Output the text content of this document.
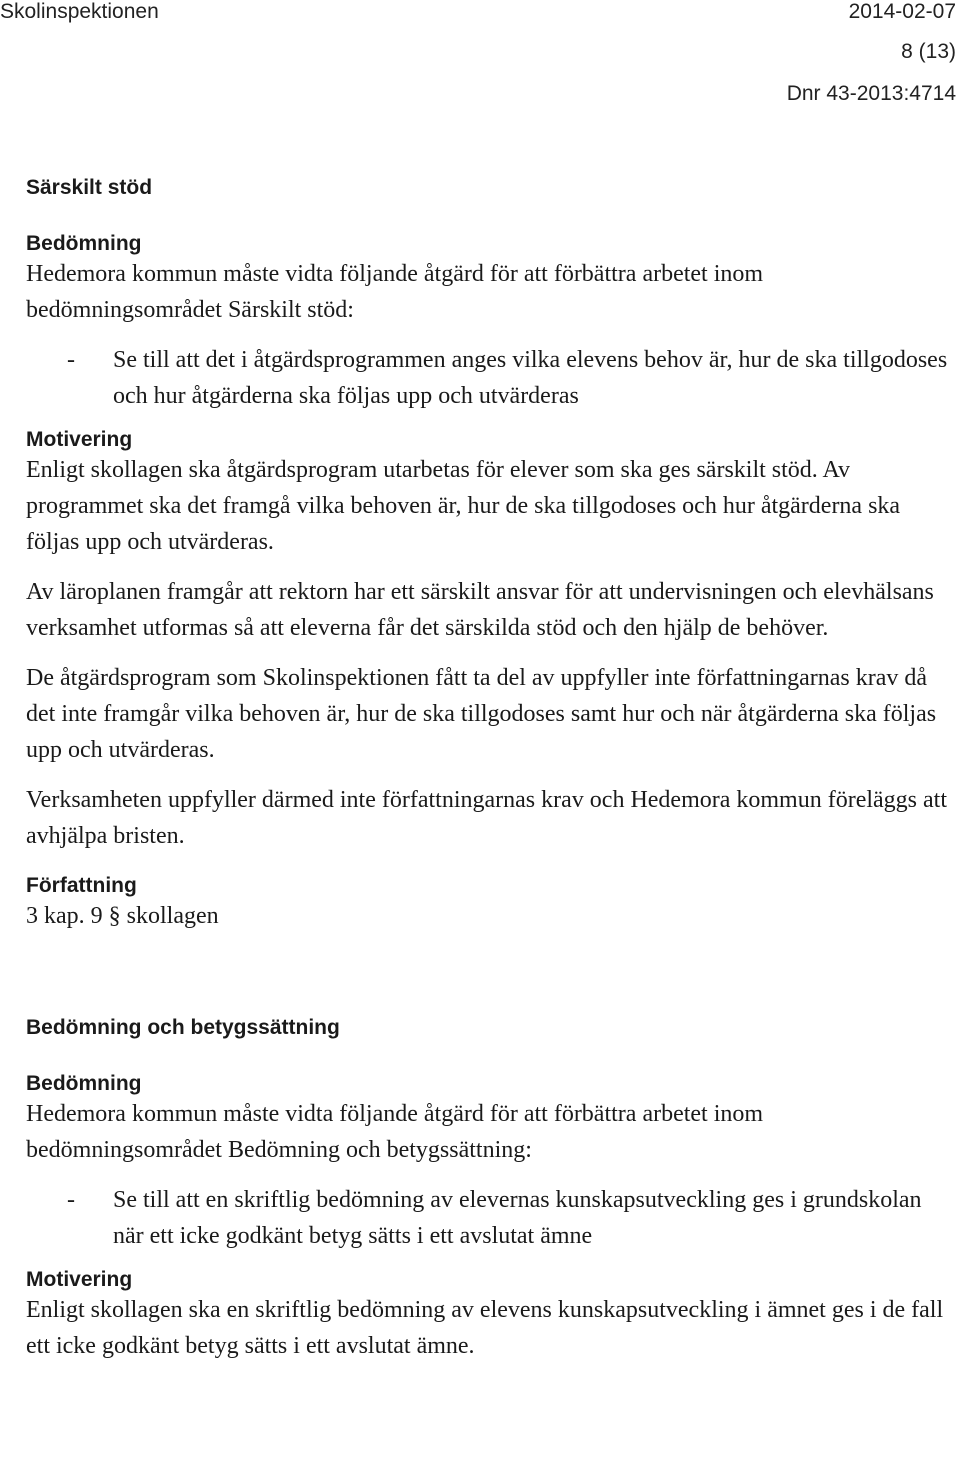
Skolinspektionen	2014-02-07

8 (13)

Dnr 43-2013:4714

Särskilt stöd
Bedömning

Hedemora kommun måste vidta följande åtgärd för att förbättra arbetet inom bedömningsområdet Särskilt stöd:

- Se till att det i åtgärdsprogrammen anges vilka elevens behov är, hur de ska tillgodoses och hur åtgärderna ska följas upp och utvärderas
Motivering

Enligt skollagen ska åtgärdsprogram utarbetas för elever som ska ges särskilt stöd. Av programmet ska det framgå vilka behoven är, hur de ska tillgodoses och hur åtgärderna ska följas upp och utvärderas.

Av läroplanen framgår att rektorn har ett särskilt ansvar för att undervisningen och elevhälsans verksamhet utformas så att eleverna får det särskilda stöd och den hjälp de behöver.

De åtgärdsprogram som Skolinspektionen fått ta del av uppfyller inte författningarnas krav då det inte framgår vilka behoven är, hur de ska tillgodoses samt hur och när åtgärderna ska följas upp och utvärderas.

Verksamheten uppfyller därmed inte författningarnas krav och Hedemora kommun föreläggs att avhjälpa bristen.

Författning

3 kap. 9 § skollagen

Bedömning och betygssättning
Bedömning

Hedemora kommun måste vidta följande åtgärd för att förbättra arbetet inom bedömningsområdet Bedömning och betygssättning:

- Se till att en skriftlig bedömning av elevernas kunskapsutveckling ges i grundskolan när ett icke godkänt betyg sätts i ett avslutat ämne
Motivering

Enligt skollagen ska en skriftlig bedömning av elevens kunskapsutveckling i ämnet ges i de fall ett icke godkänt betyg sätts i ett avslutat ämne.
